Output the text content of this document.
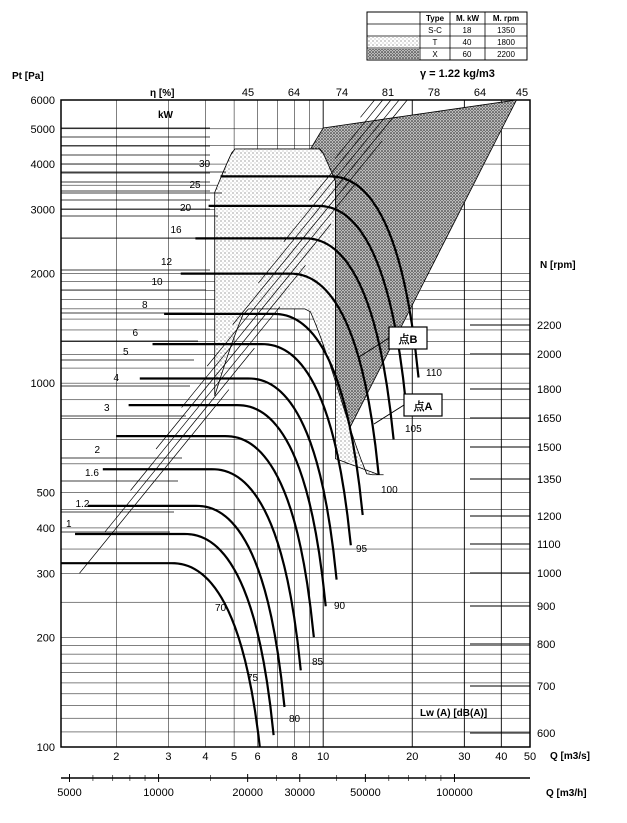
Type M. kW M. rpm
S-C	18	1350
T	40	1800
X	60	2200
γ = 1.22 kg/m3
Pt [Pa]
η [%]
kW
N [rpm]
Q [m3/s]
Q [m3/h]
Lw (A) [dB(A)]
点B
点A
100
200
300
400
500
1000
2000
3000
4000
5000
6000
2	3	4 5 6	8 10	20	30 40 50
5000	10000	20000 30000	50000	100000
600
700
800
900
1000
1100
1200
1350
1500
1650
1800
2000
2200
45	64	74	81	78	64	45
1
1.2
1.6
2
3
4
5
6
8
10
12
16
20
25
30
70
75
80
85
90
95
100
105
110
